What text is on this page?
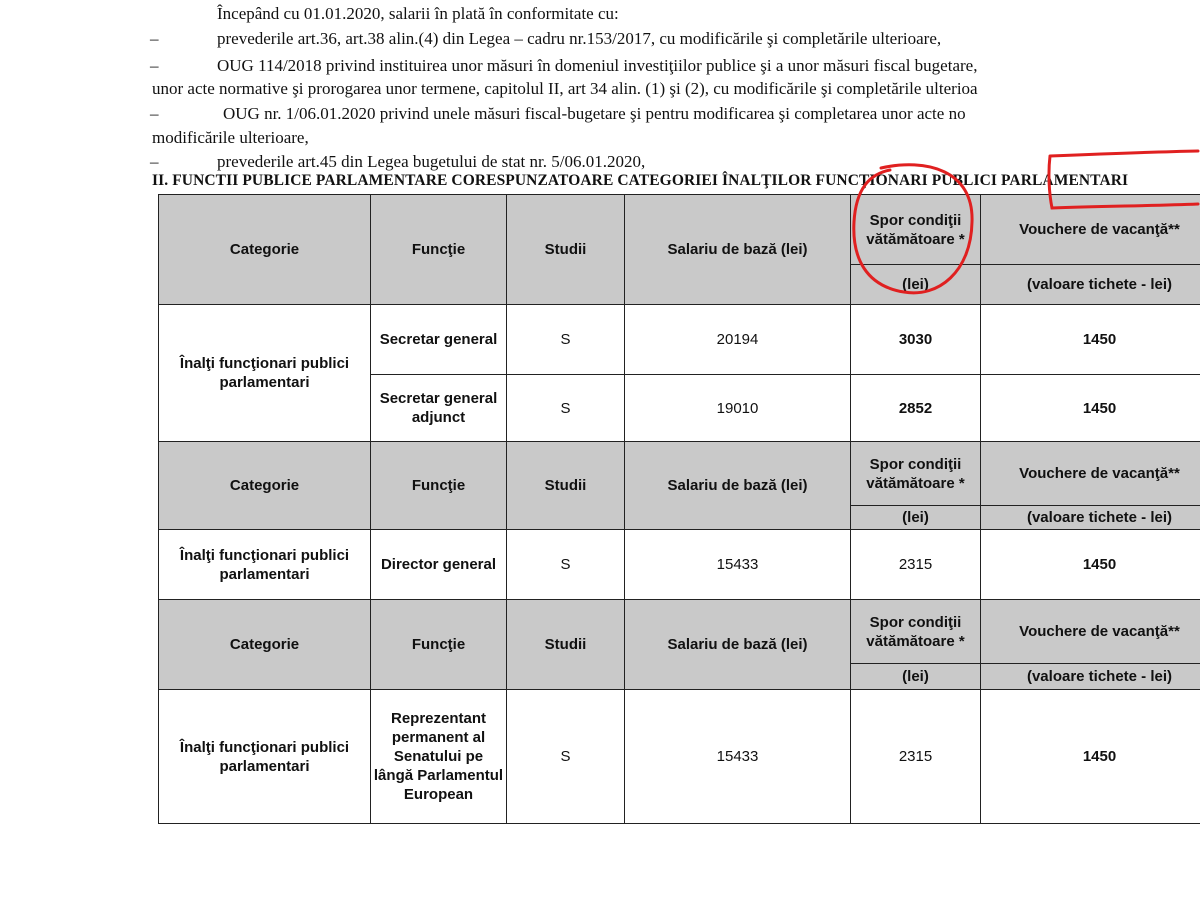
Începând cu 01.01.2020, salarii în plată în conformitate cu:
–	prevederile art.36, art.38 alin.(4) din Legea – cadru nr.153/2017, cu modificările şi completările ulterioare,
–	OUG 114/2018 privind instituirea unor măsuri în domeniul investiţiilor publice şi a unor măsuri fiscal bugetare,
unor acte normative şi prorogarea unor termene, capitolul II, art 34 alin. (1) şi (2), cu modificările şi completările ulterioa
–	OUG nr. 1/06.01.2020 privind unele măsuri fiscal-bugetare şi pentru modificarea şi completarea unor acte no
modificările ulterioare,
–	prevederile art.45 din Legea bugetului de stat nr. 5/06.01.2020,
II. FUNCTII PUBLICE PARLAMENTARE CORESPUNZATOARE CATEGORIEI ÎNALŢILOR FUNCŢIONARI PUBLICI PARLAMENTARI
Categorie	Funcţie	Studii	Salariu de bază (lei)	Spor condiţii vătămătoare *	Vouchere de vacanţă**
				(lei)	(valoare tichete - lei)
Înalţi funcţionari publici parlamentari	Secretar general	S	20194	3030	1450
	Secretar general adjunct	S	19010	2852	1450
Categorie	Funcţie	Studii	Salariu de bază (lei)	Spor condiţii vătămătoare *	Vouchere de vacanţă**
				(lei)	(valoare tichete - lei)
Înalţi funcţionari publici parlamentari	Director general	S	15433	2315	1450
Categorie	Funcţie	Studii	Salariu de bază (lei)	Spor condiţii vătămătoare *	Vouchere de vacanţă**
				(lei)	(valoare tichete - lei)
Înalţi funcţionari publici parlamentari	Reprezentant permanent al Senatului pe lângă Parlamentul European	S	15433	2315	1450
